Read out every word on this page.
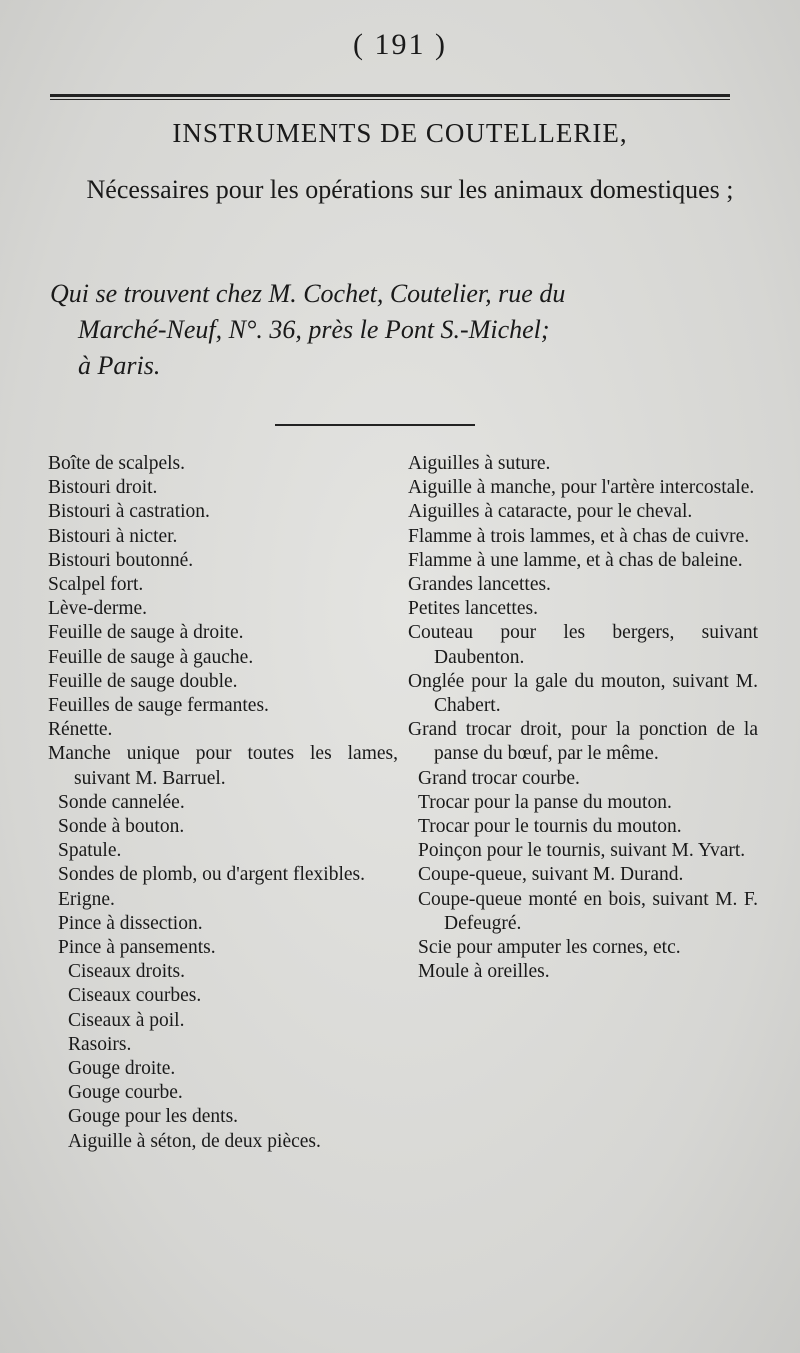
( 191 )
INSTRUMENTS DE COUTELLERIE,
Nécessaires pour les opérations sur les animaux domestiques ;
Qui se trouvent chez M. Cochet, Coutelier, rue du
Marché-Neuf, N°. 36, près le Pont S.-Michel;
à Paris.
Boîte de scalpels.
Bistouri droit.
Bistouri à castration.
Bistouri à nicter.
Bistouri boutonné.
Scalpel fort.
Lève-derme.
Feuille de sauge à droite.
Feuille de sauge à gauche.
Feuille de sauge double.
Feuilles de sauge fermantes.
Rénette.
Manche unique pour toutes les lames, suivant M. Barruel.
Sonde cannelée.
Sonde à bouton.
Spatule.
Sondes de plomb, ou d'argent flexibles.
Erigne.
Pince à dissection.
Pince à pansements.
Ciseaux droits.
Ciseaux courbes.
Ciseaux à poil.
Rasoirs.
Gouge droite.
Gouge courbe.
Gouge pour les dents.
Aiguille à séton, de deux pièces.
Aiguilles à suture.
Aiguille à manche, pour l'artère intercostale.
Aiguilles à cataracte, pour le cheval.
Flamme à trois lammes, et à chas de cuivre.
Flamme à une lamme, et à chas de baleine.
Grandes lancettes.
Petites lancettes.
Couteau pour les bergers, suivant Daubenton.
Onglée pour la gale du mouton, suivant M. Chabert.
Grand trocar droit, pour la ponction de la panse du bœuf, par le même.
Grand trocar courbe.
Trocar pour la panse du mouton.
Trocar pour le tournis du mouton.
Poinçon pour le tournis, suivant M. Yvart.
Coupe-queue, suivant M. Durand.
Coupe-queue monté en bois, suivant M. F. Defeugré.
Scie pour amputer les cornes, etc.
Moule à oreilles.
